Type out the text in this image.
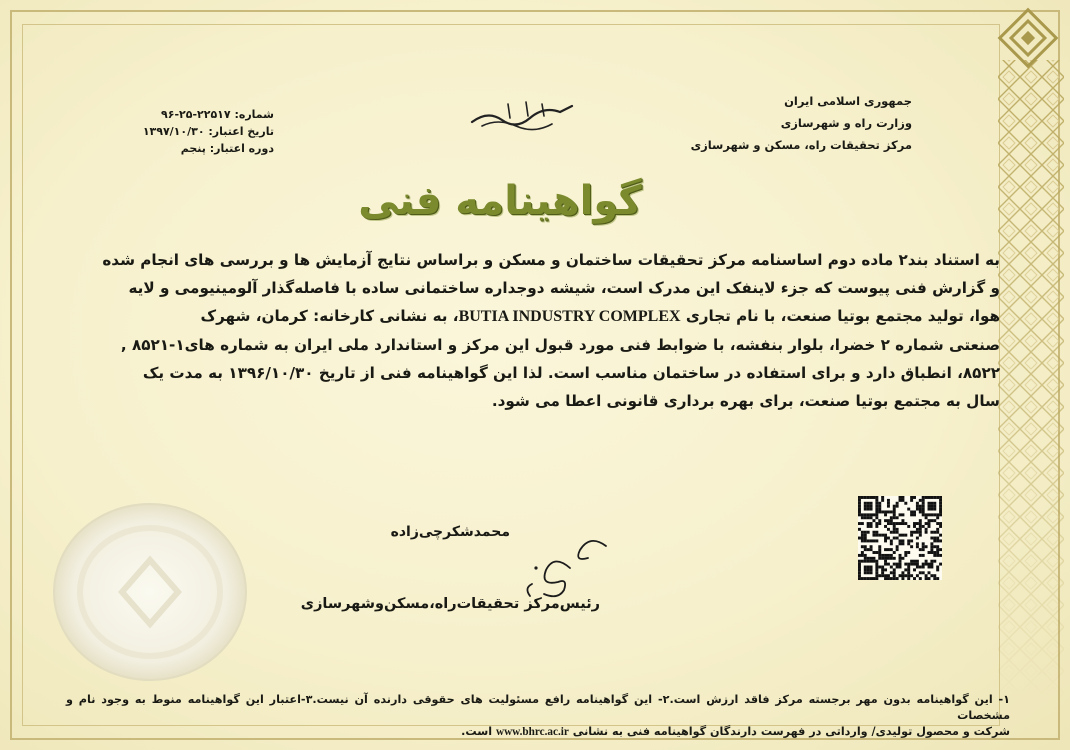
جمهوری اسلامی ایران
وزارت راه و شهرسازی
مرکز تحقیقات راه، مسکن و شهرسازی
شماره: ۲۲۵۱۷-۲۵-۹۶
تاریخ اعتبار: ۱۳۹۷/۱۰/۳۰
دوره اعتبار: پنجم
گواهینامه فنی
به استناد بند۲ ماده دوم اساسنامه مرکز تحقیقات ساختمان و مسکن و براساس نتایج آزمایش ها و بررسی های انجام شده
و گزارش فنی پیوست که جزء لاینفک این مدرک است، شیشه دوجداره ساختمانی ساده با فاصله‌گذار آلومینیومی و لایه
هوا، تولید مجتمع بوتیا صنعت، با نام تجاری BUTIA INDUSTRY COMPLEX، به نشانی کارخانه: کرمان، شهرک
صنعتی شماره ۲ خضرا، بلوار بنفشه، با ضوابط فنی مورد قبول این مرکز و استاندارد ملی ایران به شماره های۱-۸۵۲۱ ,
۸۵۲۲، انطباق دارد و برای استفاده در ساختمان مناسب است. لذا این گواهینامه فنی از تاریخ ۱۳۹۶/۱۰/۳۰ به مدت یک
سال به مجتمع بوتیا صنعت، برای بهره برداری قانونی اعطا می شود.
محمدشکرچی‌زاده
رئیس‌مرکز تحقیقات‌راه،مسکن‌وشهرسازی
۱- این گواهینامه بدون مهر برجسته مرکز فاقد ارزش است.۲- این گواهینامه رافع مسئولیت های حقوقی دارنده آن نیست.۳-اعتبار این گواهینامه منوط به وجود نام و مشخصات
شرکت و محصول تولیدی/ وارداتی در فهرست دارندگان گواهینامه فنی به نشانی www.bhrc.ac.ir است.
